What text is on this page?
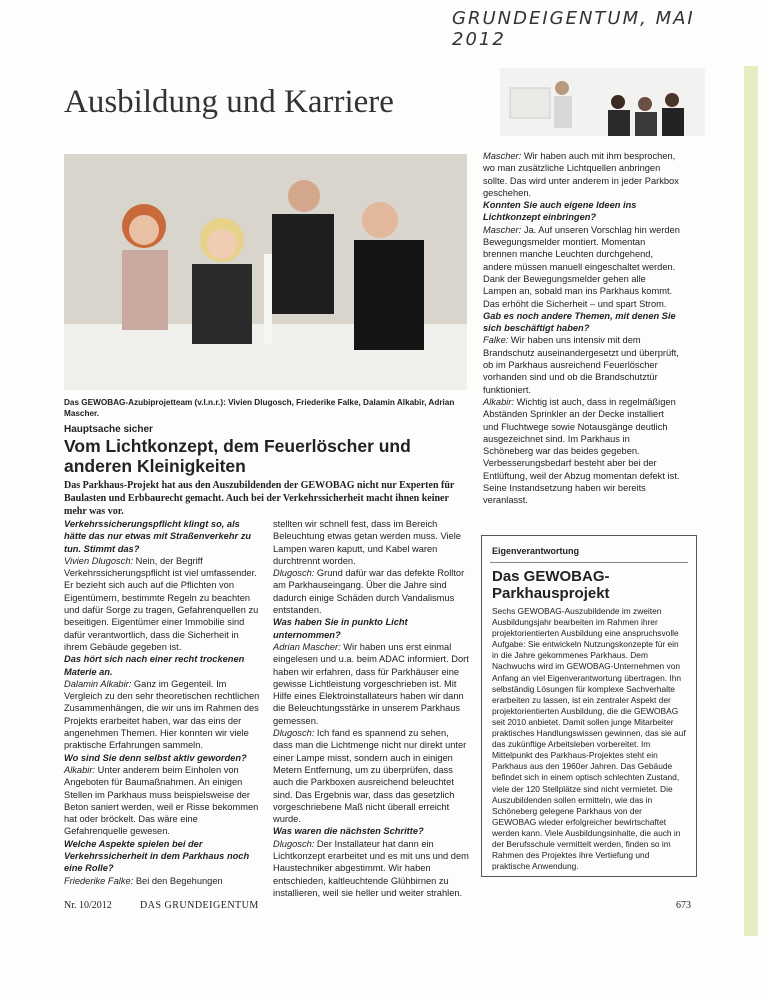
GRUNDEIGENTUM, MAI 2012
Ausbildung und Karriere
Das GEWOBAG-Azubiprojetteam (v.l.n.r.): Vivien Dlugosch, Friederike Falke, Dalamin Alkabir, Adrian Mascher.
Hauptsache sicher
Vom Lichtkonzept, dem Feuerlöscher und anderen Kleinigkeiten
Das Parkhaus-Projekt hat aus den Auszubildenden der GEWOBAG nicht nur Experten für Baulasten und Erbbaurecht gemacht. Auch bei der Verkehrssicherheit macht ihnen keiner mehr was vor.

Verkehrssicherungspflicht klingt so, als hätte das nur etwas mit Straßenverkehr zu tun. Stimmt das?

Vivien Dlugosch: Nein, der Begriff Verkehrssicherungspflicht ist viel umfassender. Er bezieht sich auch auf die Pflichten von Eigentümern, bestimmte Regeln zu beachten und dafür Sorge zu tragen, Gefahrenquellen zu beseitigen. Eigentümer einer Immobilie sind dafür verantwortlich, dass die Sicherheit in ihrem Gebäude gegeben ist.

Das hört sich nach einer recht trockenen Materie an.

Dalamin Alkabir: Ganz im Gegenteil. Im Vergleich zu den sehr theoretischen rechtlichen Zusammenhängen, die wir uns im Rahmen des Projekts erarbeitet haben, war das eins der angenehmen Themen. Hier konnten wir viele praktische Erfahrungen sammeln.

Wo sind Sie denn selbst aktiv geworden?

Alkabir: Unter anderem beim Einholen von Angeboten für Baumaßnahmen. An einigen Stellen im Parkhaus muss beispielsweise der Beton saniert werden, weil er Risse bekommen hat oder bröckelt. Das wäre eine Gefahrenquelle gewesen.

Welche Aspekte spielen bei der Verkehrssicherheit in dem Parkhaus noch eine Rolle?

Friederike Falke: Bei den Begehungen

stellten wir schnell fest, dass im Bereich Beleuchtung etwas getan werden muss. Viele Lampen waren kaputt, und Kabel waren durchtrennt worden.

Dlugosch: Grund dafür war das defekte Rolltor am Parkhauseingang. Über die Jahre sind dadurch einige Schäden durch Vandalismus entstanden.

Was haben Sie in punkto Licht unternommen?

Adrian Mascher: Wir haben uns erst einmal eingelesen und u.a. beim ADAC informiert. Dort haben wir erfahren, dass für Parkhäuser eine gewisse Lichtleistung vorgeschrieben ist. Mit Hilfe eines Elektroinstallateurs haben wir dann die Beleuchtungsstärke in unserem Parkhaus gemessen.

Dlugosch: Ich fand es spannend zu sehen, dass man die Lichtmenge nicht nur direkt unter einer Lampe misst, sondern auch in einigen Metern Entfernung, um zu überprüfen, dass auch die Parkboxen ausreichend beleuchtet sind. Das Ergebnis war, dass das gesetzlich vorgeschriebene Maß nicht überall erreicht wurde.

Was waren die nächsten Schritte?

Dlugosch: Der Installateur hat dann ein Lichtkonzept erarbeitet und es mit uns und dem Haustechniker abgestimmt. Wir haben entschieden, kaltleuchtende Glühbirnen zu installieren, weil sie heller und weiter strahlen.

Mascher: Wir haben auch mit ihm besprochen, wo man zusätzliche Lichtquellen anbringen sollte. Das wird unter anderem in jeder Parkbox geschehen.

Konnten Sie auch eigene Ideen ins Lichtkonzept einbringen?

Mascher: Ja. Auf unseren Vorschlag hin werden Bewegungsmelder montiert. Momentan brennen manche Leuchten durchgehend, andere müssen manuell eingeschaltet werden. Dank der Bewegungsmelder gehen alle Lampen an, sobald man ins Parkhaus kommt. Das erhöht die Sicherheit – und spart Strom.

Gab es noch andere Themen, mit denen Sie sich beschäftigt haben?

Falke: Wir haben uns intensiv mit dem Brandschutz auseinandergesetzt und überprüft, ob im Parkhaus ausreichend Feuerlöscher vorhanden sind und ob die Brandschutztür funktioniert.

Alkabir: Wichtig ist auch, dass in regelmäßigen Abständen Sprinkler an der Decke installiert und Fluchtwege sowie Notausgänge deutlich ausgezeichnet sind. Im Parkhaus in Schöneberg war das beides gegeben. Verbesserungsbedarf besteht aber bei der Entlüftung, weil der Abzug momentan defekt ist. Seine Instandsetzung haben wir bereits veranlasst.

Eigenverantwortung
Das GEWOBAG-Parkhausprojekt
Sechs GEWOBAG-Auszubildende im zweiten Ausbildungsjahr bearbeiten im Rahmen ihrer projektorientierten Ausbildung eine anspruchsvolle Aufgabe: Sie entwickeln Nutzungskonzepte für ein in die Jahre gekommenes Parkhaus. Dem Nachwuchs wird im GEWOBAG-Unternehmen von Anfang an viel Eigenverantwortung übertragen. Ihn selbständig Lösungen für komplexe Sachverhalte erarbeiten zu lassen, ist ein zentraler Aspekt der projektorientierten Ausbildung, die die GEWOBAG seit 2010 anbietet. Damit sollen junge Mitarbeiter praktisches Handlungswissen gewinnen, das sie auf das zukünftige Arbeitsleben vorbereitet. Im Mittelpunkt des Parkhaus-Projektes steht ein Parkhaus aus den 1960er Jahren. Das Gebäude befindet sich in einem optisch schlechten Zustand, viele der 120 Stellplätze sind nicht vermietet. Die Auszubildenden sollen ermitteln, wie das in Schöneberg gelegene Parkhaus von der GEWOBAG wieder erfolgreicher bewirtschaftet werden kann. Viele Ausbildungsinhalte, die auch in der Berufsschule vermittelt werden, finden so im Rahmen des Projektes ihre Vertiefung und praktische Anwendung.
Nr. 10/2012	DAS GRUNDEIGENTUM	673
